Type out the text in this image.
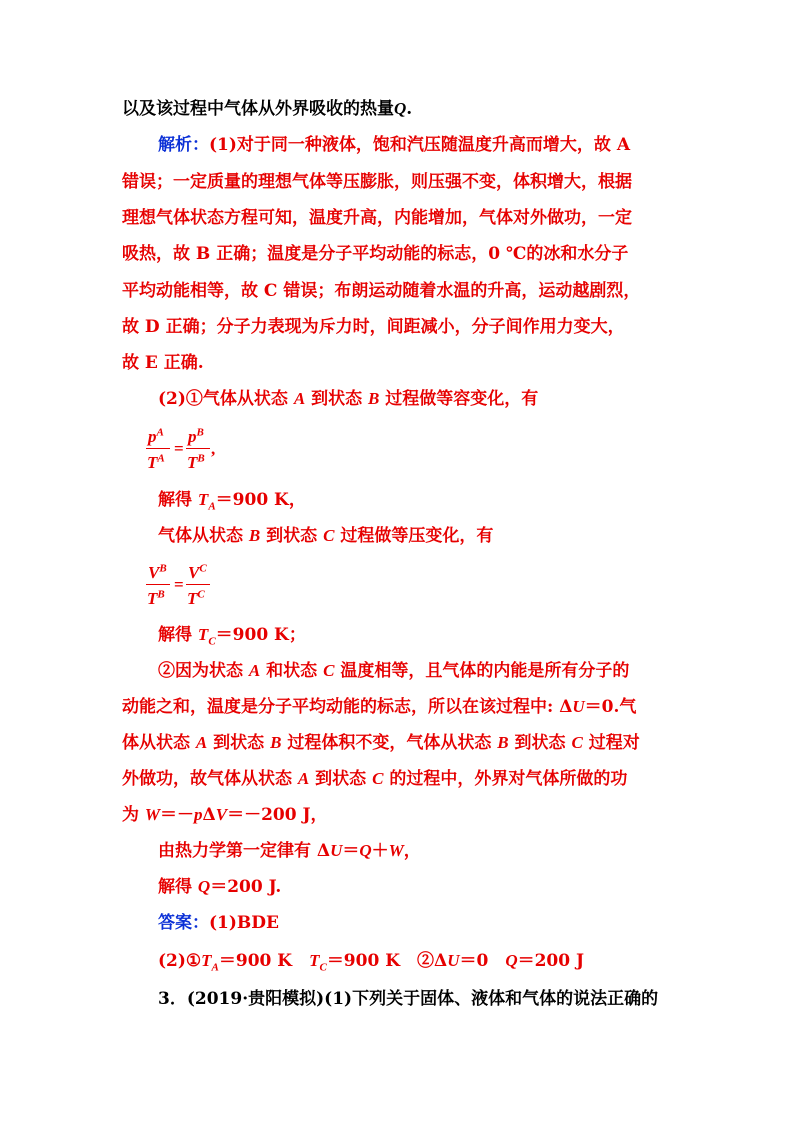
以及该过程中气体从外界吸收的热量Q.
解析：(1)对于同一种液体，饱和汽压随温度升高而增大，故 A
错误；一定质量的理想气体等压膨胀，则压强不变，体积增大，根据
理想气体状态方程可知，温度升高，内能增加，气体对外做功，一定
吸热，故 B 正确；温度是分子平均动能的标志，0 ℃的冰和水分子
平均动能相等，故 C 错误；布朗运动随着水温的升高，运动越剧烈，
故 D 正确；分子力表现为斥力时，间距减小，分子间作用力变大，
故 E 正确.
(2)①气体从状态 A 到状态 B 过程做等容变化，有
$p^A$
$T^A$
=
$p^B$
$T^B$
,
解得 $T_A=900$ K，
气体从状态 B 到状态 C 过程做等压变化，有
$V^B$
$T^B$
=
$V^C$
$T^C$
解得 $T_C=900$ K；
②因为状态 A 和状态 C 温度相等，且气体的内能是所有分子的
动能之和，温度是分子平均动能的标志，所以在该过程中: ΔU＝0.气
体从状态 A 到状态 B 过程体积不变，气体从状态 B 到状态 C 过程对
外做功，故气体从状态 A 到状态 C 的过程中，外界对气体所做的功
为 W＝－pΔV＝－200 J，
由热力学第一定律有 ΔU＝Q＋W，
解得 Q＝200 J.
答案：(1)BDE
$(2)①T_A=900$ K　$T_C=900$ K　②ΔU＝0　Q＝200 J
3．(2019·贵阳模拟)(1)下列关于固体、液体和气体的说法正确的
